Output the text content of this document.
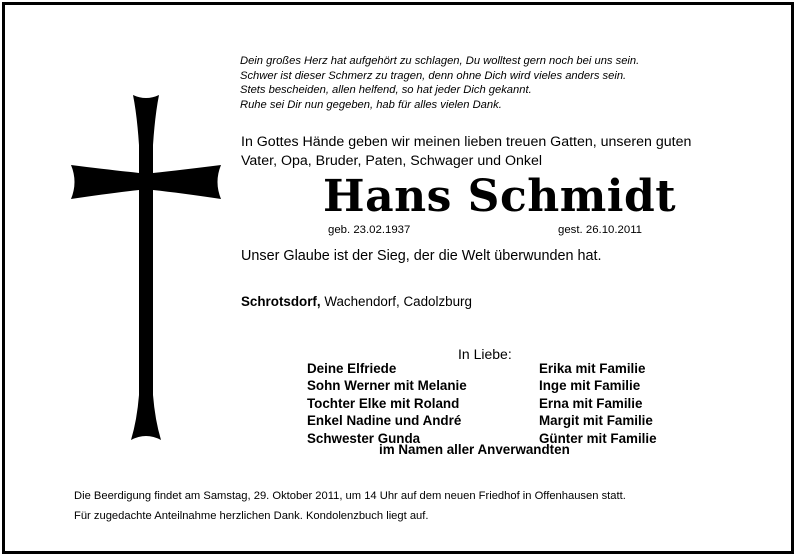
Dein großes Herz hat aufgehört zu schlagen, Du wolltest gern noch bei uns sein.
Schwer ist dieser Schmerz zu tragen, denn ohne Dich wird vieles anders sein.
Stets bescheiden, allen helfend, so hat jeder Dich gekannt.
Ruhe sei Dir nun gegeben, hab für alles vielen Dank.
In Gottes Hände geben wir meinen lieben treuen Gatten, unseren guten
Vater, Opa, Bruder, Paten, Schwager und Onkel
Hans Schmidt
geb. 23.02.1937	gest. 26.10.2011
Unser Glaube ist der Sieg, der die Welt überwunden hat.
Schrotsdorf, Wachendorf, Cadolzburg
In Liebe:
Deine Elfriede
Sohn Werner mit Melanie
Tochter Elke mit Roland
Enkel Nadine und André
Schwester Gunda
Erika mit Familie
Inge mit Familie
Erna mit Familie
Margit mit Familie
Günter mit Familie
im Namen aller Anverwandten
Die Beerdigung findet am Samstag, 29. Oktober 2011, um 14 Uhr auf dem neuen Friedhof in Offenhausen statt.
Für zugedachte Anteilnahme herzlichen Dank. Kondolenzbuch liegt auf.
